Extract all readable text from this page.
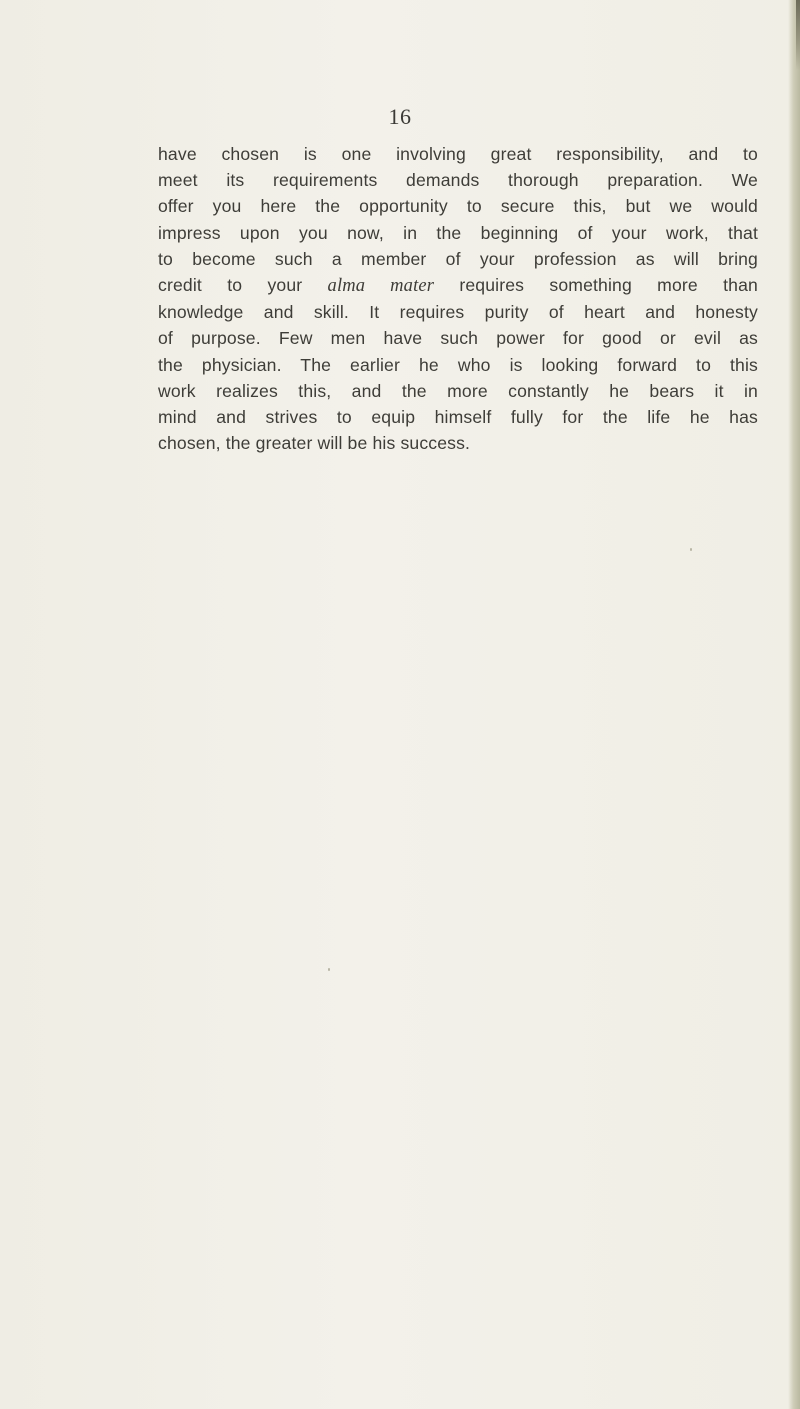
16

have chosen is one involving great responsibility, and to
meet its requirements demands thorough preparation. We
offer you here the opportunity to secure this, but we would
impress upon you now, in the beginning of your work, that
to become such a member of your profession as will bring
credit to your alma mater requires something more than
knowledge and skill. It requires purity of heart and honesty
of purpose. Few men have such power for good or evil as
the physician. The earlier he who is looking forward to this
work realizes this, and the more constantly he bears it in
mind and strives to equip himself fully for the life he has
chosen, the greater will be his success.
